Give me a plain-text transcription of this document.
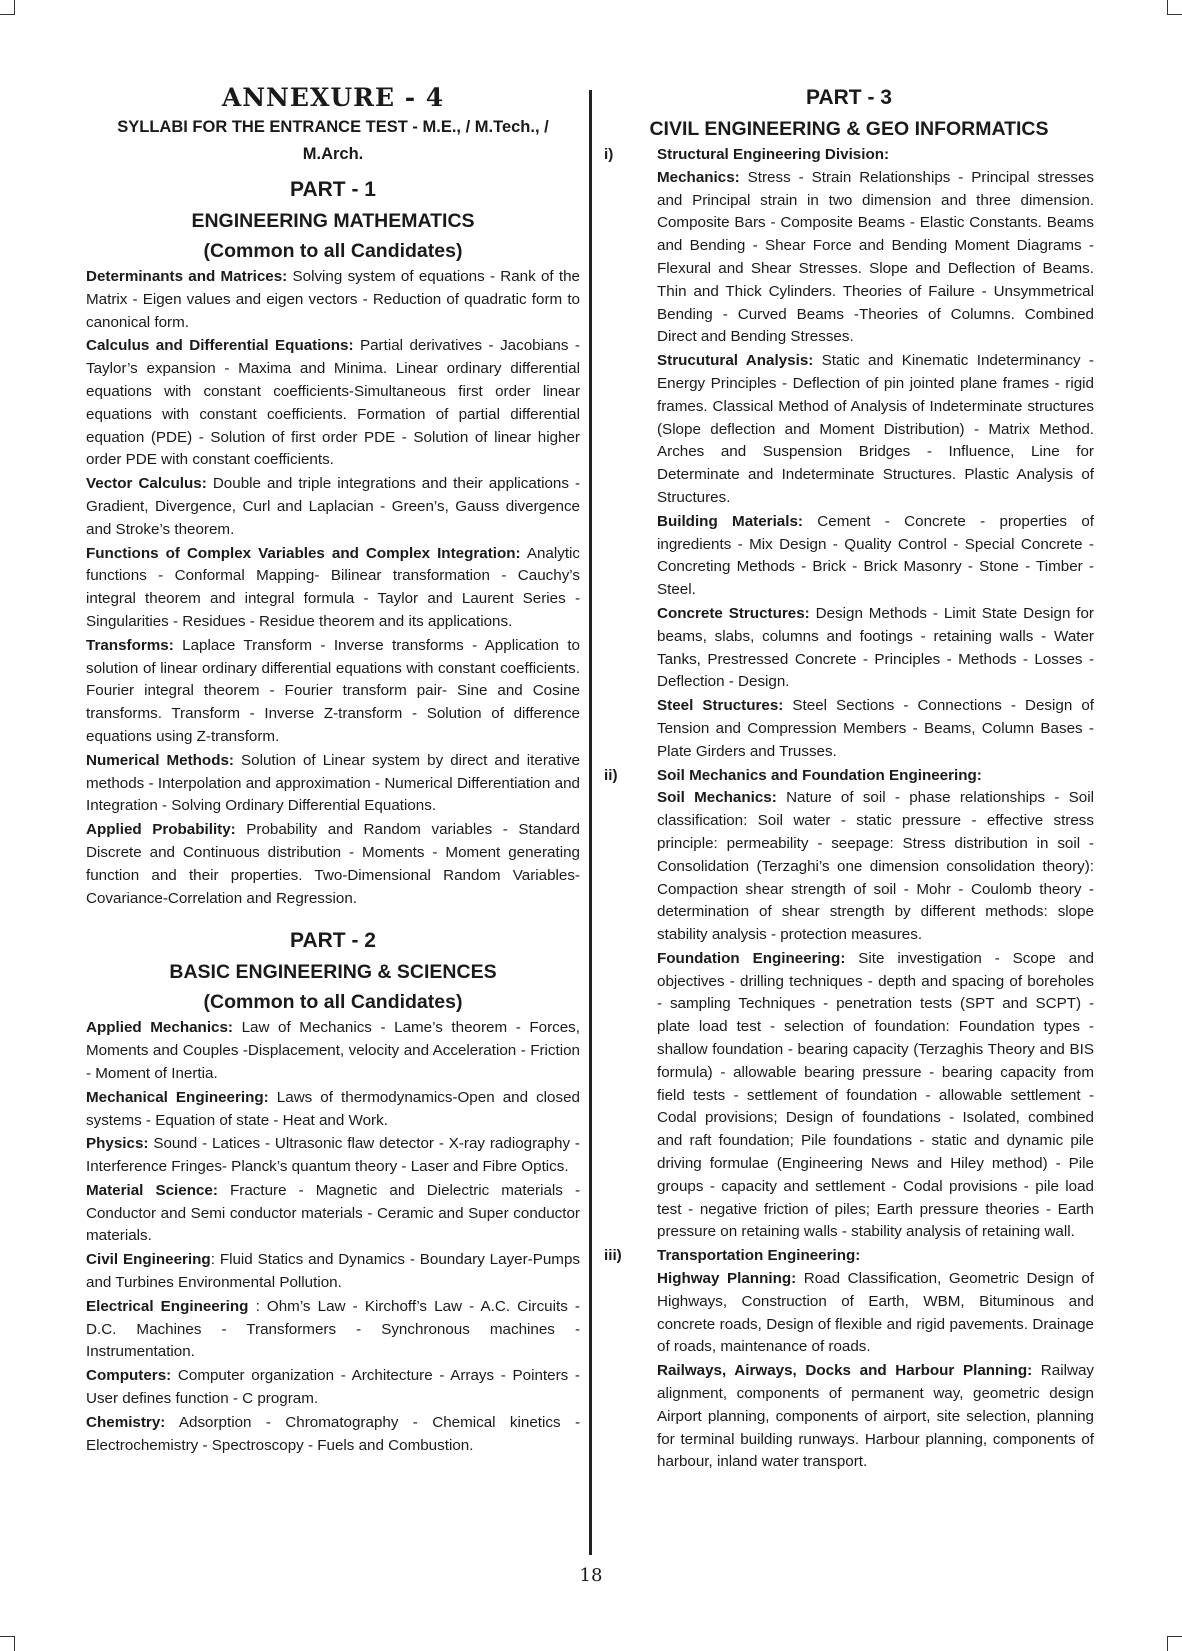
ANNEXURE - 4

SYLLABI FOR THE ENTRANCE TEST - M.E., / M.Tech., / M.Arch.

PART - 1
ENGINEERING MATHEMATICS
(Common to all Candidates)

Determinants and Matrices: Solving system of equations - Rank of the Matrix - Eigen values and eigen vectors - Reduction of quadratic form to canonical form.

Calculus and Differential Equations: Partial derivatives - Jacobians - Taylor’s expansion - Maxima and Minima. Linear ordinary differential equations with constant coefficients-Simultaneous first order linear equations with constant coefficients. Formation of partial differential equation (PDE) - Solution of first order PDE - Solution of linear higher order PDE with constant coefficients.

Vector Calculus: Double and triple integrations and their applications - Gradient, Divergence, Curl and Laplacian - Green’s, Gauss divergence and Stroke’s theorem.

Functions of Complex Variables and Complex Integration: Analytic functions - Conformal Mapping- Bilinear transformation - Cauchy’s integral theorem and integral formula - Taylor and Laurent Series - Singularities - Residues - Residue theorem and its applications.

Transforms: Laplace Transform - Inverse transforms - Application to solution of linear ordinary differential equations with constant coefficients. Fourier integral theorem - Fourier transform pair- Sine and Cosine transforms. Transform - Inverse Z-transform - Solution of difference equations using Z-transform.

Numerical Methods: Solution of Linear system by direct and iterative methods - Interpolation and approximation - Numerical Differentiation and Integration - Solving Ordinary Differential Equations.

Applied Probability: Probability and Random variables - Standard Discrete and Continuous distribution - Moments - Moment generating function and their properties. Two-Dimensional Random Variables-Covariance-Correlation and Regression.

PART - 2
BASIC ENGINEERING & SCIENCES
(Common to all Candidates)

Applied Mechanics: Law of Mechanics - Lame’s theorem - Forces, Moments and Couples -Displacement, velocity and Acceleration - Friction - Moment of Inertia.

Mechanical Engineering: Laws of thermodynamics-Open and closed systems - Equation of state - Heat and Work.

Physics: Sound - Latices - Ultrasonic flaw detector - X-ray radiography - Interference Fringes- Planck’s quantum theory - Laser and Fibre Optics.

Material Science: Fracture - Magnetic and Dielectric materials - Conductor and Semi conductor materials - Ceramic and Super conductor materials.

Civil Engineering: Fluid Statics and Dynamics - Boundary Layer-Pumps and Turbines Environmental Pollution.

Electrical Engineering : Ohm’s Law - Kirchoff’s Law - A.C. Circuits - D.C. Machines - Transformers - Synchronous machines - Instrumentation.

Computers: Computer organization - Architecture - Arrays - Pointers - User defines function - C program.

Chemistry: Adsorption - Chromatography - Chemical kinetics - Electrochemistry - Spectroscopy - Fuels and Combustion.

PART - 3
CIVIL ENGINEERING & GEO INFORMATICS
i)	Structural Engineering Division:

Mechanics: Stress - Strain Relationships - Principal stresses and Principal strain in two dimension and three dimension. Composite Bars - Composite Beams - Elastic Constants. Beams and Bending - Shear Force and Bending Moment Diagrams - Flexural and Shear Stresses. Slope and Deflection of Beams. Thin and Thick Cylinders. Theories of Failure - Unsymmetrical Bending - Curved Beams -Theories of Columns. Combined Direct and Bending Stresses.

Strucutural Analysis: Static and Kinematic Indeterminancy - Energy Principles - Deflection of pin jointed plane frames - rigid frames. Classical Method of Analysis of Indeterminate structures (Slope deflection and Moment Distribution) - Matrix Method. Arches and Suspension Bridges - Influence, Line for Determinate and Indeterminate Structures. Plastic Analysis of Structures.

Building Materials: Cement - Concrete - properties of ingredients - Mix Design - Quality Control - Special Concrete - Concreting Methods - Brick - Brick Masonry - Stone - Timber - Steel.

Concrete Structures: Design Methods - Limit State Design for beams, slabs, columns and footings - retaining walls - Water Tanks, Prestressed Concrete - Principles - Methods - Losses - Deflection - Design.

Steel Structures: Steel Sections - Connections - Design of Tension and Compression Members - Beams, Column Bases - Plate Girders and Trusses.

ii)	Soil Mechanics and Foundation Engineering:

Soil Mechanics: Nature of soil - phase relationships - Soil classification: Soil water - static pressure - effective stress principle: permeability - seepage: Stress distribution in soil - Consolidation (Terzaghi’s one dimension consolidation theory): Compaction shear strength of soil - Mohr - Coulomb theory - determination of shear strength by different methods: slope stability analysis - protection measures.

Foundation Engineering: Site investigation - Scope and objectives - drilling techniques - depth and spacing of boreholes - sampling Techniques - penetration tests (SPT and SCPT) - plate load test - selection of foundation: Foundation types - shallow foundation - bearing capacity (Terzaghis Theory and BIS formula) - allowable bearing pressure - bearing capacity from field tests - settlement of foundation - allowable settlement - Codal provisions; Design of foundations - Isolated, combined and raft foundation; Pile foundations - static and dynamic pile driving formulae (Engineering News and Hiley method) - Pile groups - capacity and settlement - Codal provisions - pile load test - negative friction of piles; Earth pressure theories - Earth pressure on retaining walls - stability analysis of retaining wall.

iii)	Transportation Engineering:

Highway Planning: Road Classification, Geometric Design of Highways, Construction of Earth, WBM, Bituminous and concrete roads, Design of flexible and rigid pavements. Drainage of roads, maintenance of roads.

Railways, Airways, Docks and Harbour Planning: Railway alignment, components of permanent way, geometric design Airport planning, components of airport, site selection, planning for terminal building runways. Harbour planning, components of harbour, inland water transport.

18
